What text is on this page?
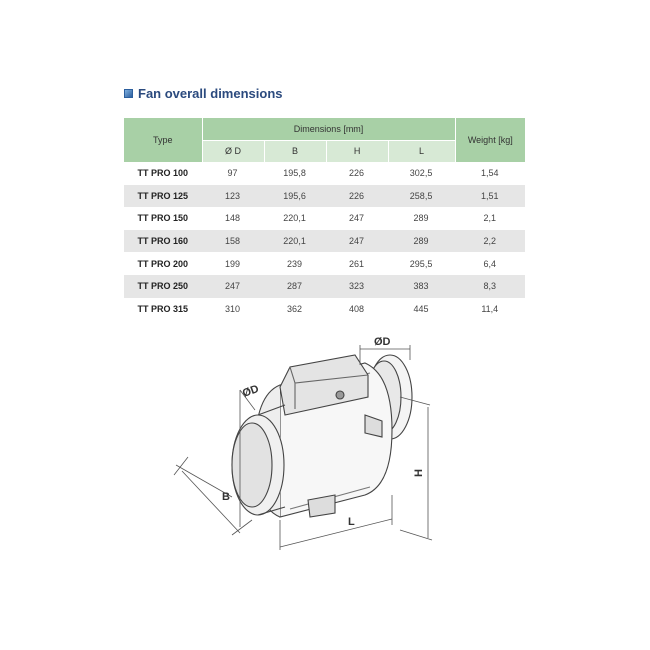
Fan overall dimensions
Type	Dimensions [mm]				Weight [kg]
	Ø D	B	H	L	
TT PRO 100	97	195,8	226	302,5	1,54
TT PRO 125	123	195,6	226	258,5	1,51
TT PRO 150	148	220,1	247	289	2,1
TT PRO 160	158	220,1	247	289	2,2
TT PRO 200	199	239	261	295,5	6,4
TT PRO 250	247	287	323	383	8,3
TT PRO 315	310	362	408	445	11,4
ØD
ØD
B
L
H
